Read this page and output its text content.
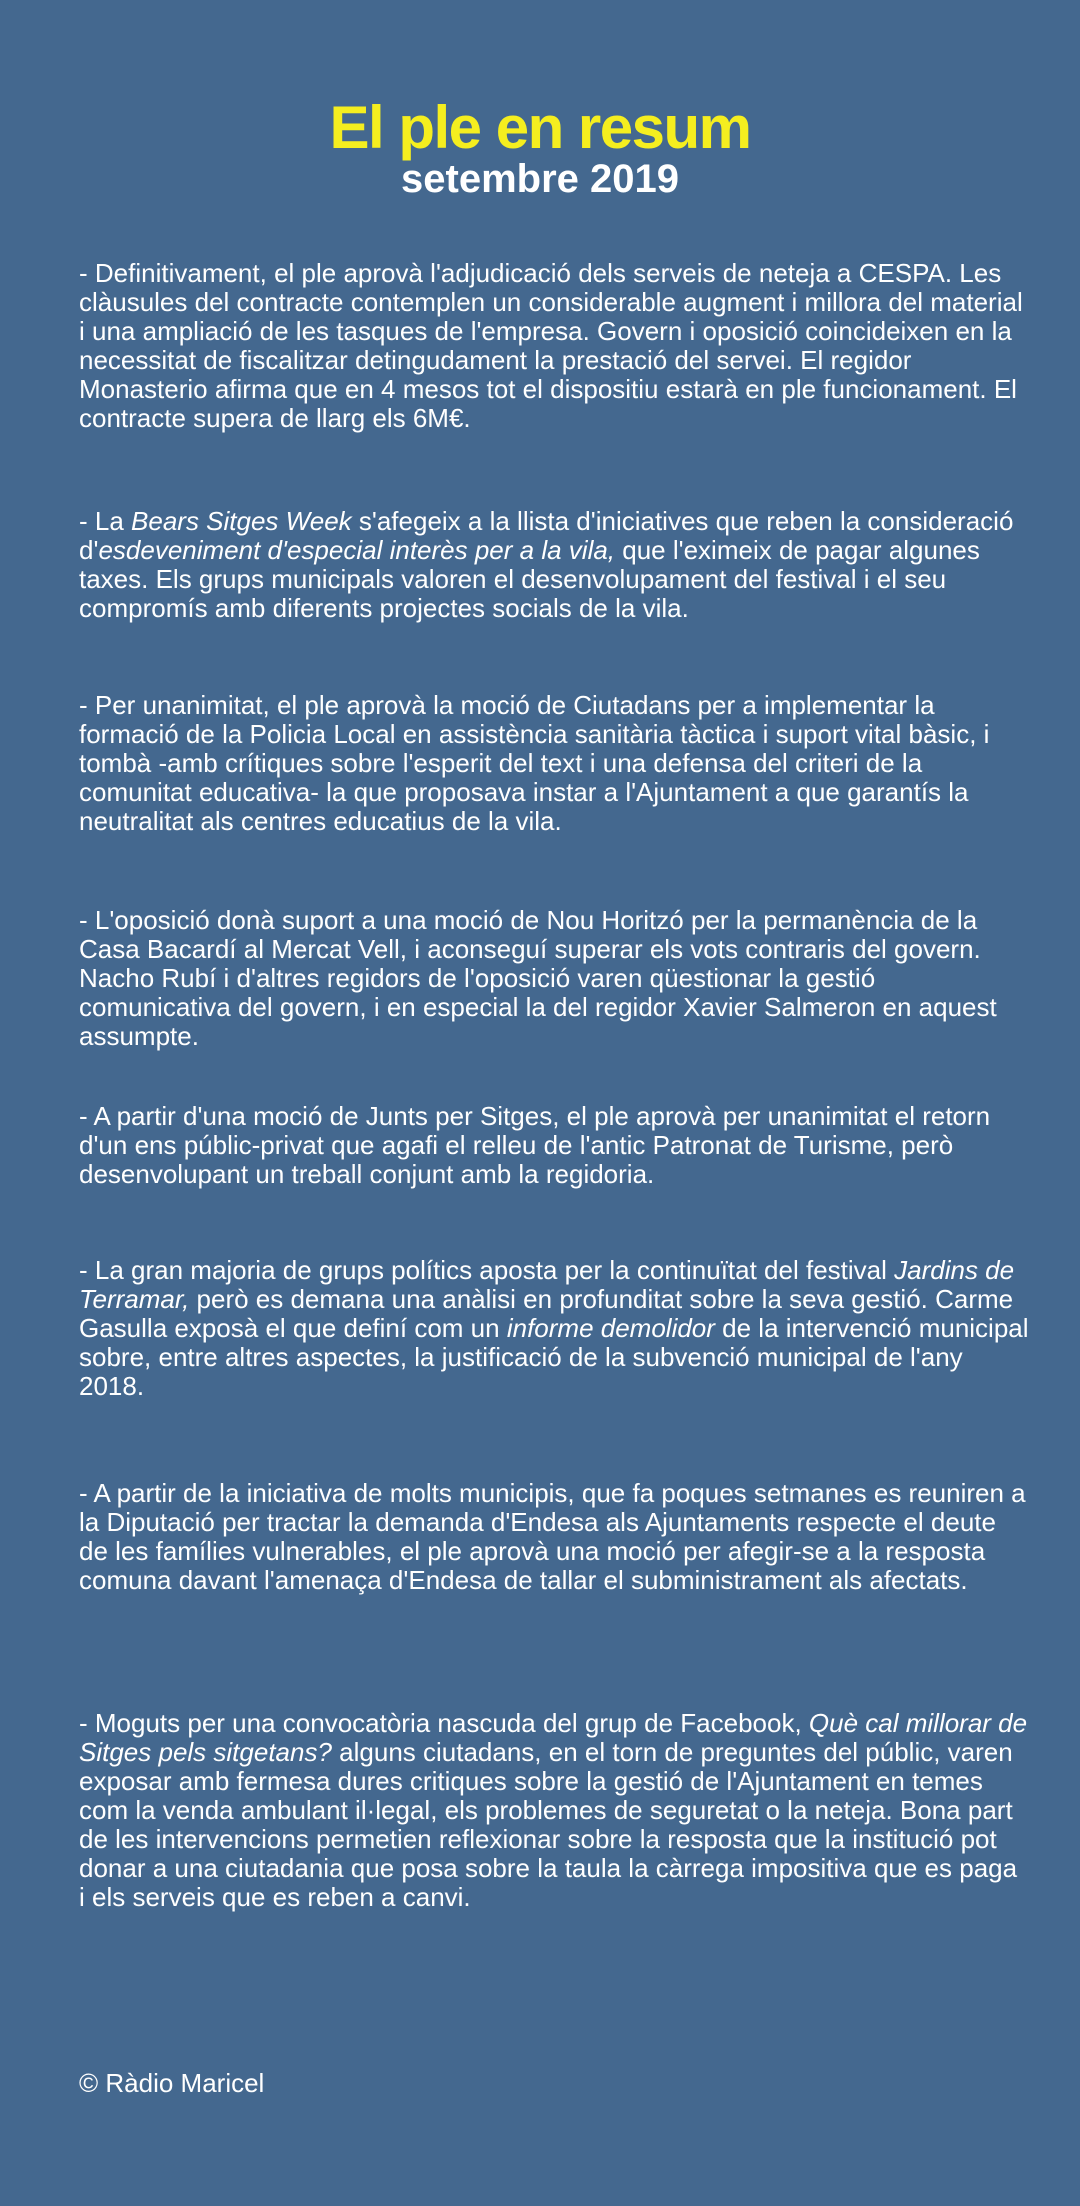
El ple en resum
setembre 2019

- Definitivament, el ple aprovà l'adjudicació dels serveis de neteja a CESPA. Les clàusules del contracte contemplen un considerable augment i millora del material i una ampliació de les tasques de l'empresa. Govern i oposició coincideixen en la necessitat de fiscalitzar detingudament la prestació del servei. El regidor Monasterio afirma que en 4 mesos tot el dispositiu estarà en ple funcionament. El contracte supera de llarg els 6M€.

- La Bears Sitges Week s'afegeix a la llista d'iniciatives que reben la consideració d'esdeveniment d'especial interès per a la vila, que l'eximeix de pagar algunes taxes. Els grups municipals valoren el desenvolupament del festival i el seu compromís amb diferents projectes socials de la vila.

- Per unanimitat, el ple aprovà la moció de Ciutadans per a implementar la formació de la Policia Local en assistència sanitària tàctica i suport vital bàsic, i tombà -amb crítiques sobre l'esperit del text i una defensa del criteri de la comunitat educativa- la que proposava instar a l'Ajuntament a que garantís la neutralitat als centres educatius de la vila.

- L'oposició donà suport a una moció de Nou Horitzó per la permanència de la Casa Bacardí al Mercat Vell, i aconseguí superar els vots contraris del govern. Nacho Rubí i d'altres regidors de l'oposició varen qüestionar la gestió comunicativa del govern, i en especial la del regidor Xavier Salmeron en aquest assumpte.

- A partir d'una moció de Junts per Sitges, el ple aprovà per unanimitat el retorn d'un ens públic-privat que agafi el relleu de l'antic Patronat de Turisme, però desenvolupant un treball conjunt amb la regidoria.

- La gran majoria de grups polítics aposta per la continuïtat del festival Jardins de Terramar, però es demana una anàlisi en profunditat sobre la seva gestió. Carme Gasulla exposà el que definí com un informe demolidor de la intervenció municipal sobre, entre altres aspectes, la justificació de la subvenció municipal de l'any 2018.

- A partir de la iniciativa de molts municipis, que fa poques setmanes es reuniren a la Diputació per tractar la demanda d'Endesa als Ajuntaments respecte el deute de les famílies vulnerables, el ple aprovà una moció per afegir-se a la resposta comuna davant l'amenaça d'Endesa de tallar el subministrament als afectats.

- Moguts per una convocatòria nascuda del grup de Facebook, Què cal millorar de Sitges pels sitgetans? alguns ciutadans, en el torn de preguntes del públic, varen exposar amb fermesa dures critiques sobre la gestió de l'Ajuntament en temes com la venda ambulant il·legal, els problemes de seguretat o la neteja. Bona part de les intervencions permetien reflexionar sobre la resposta que la institució pot donar a una ciutadania que posa sobre la taula la càrrega impositiva que es paga i els serveis que es reben a canvi.

© Ràdio Maricel
